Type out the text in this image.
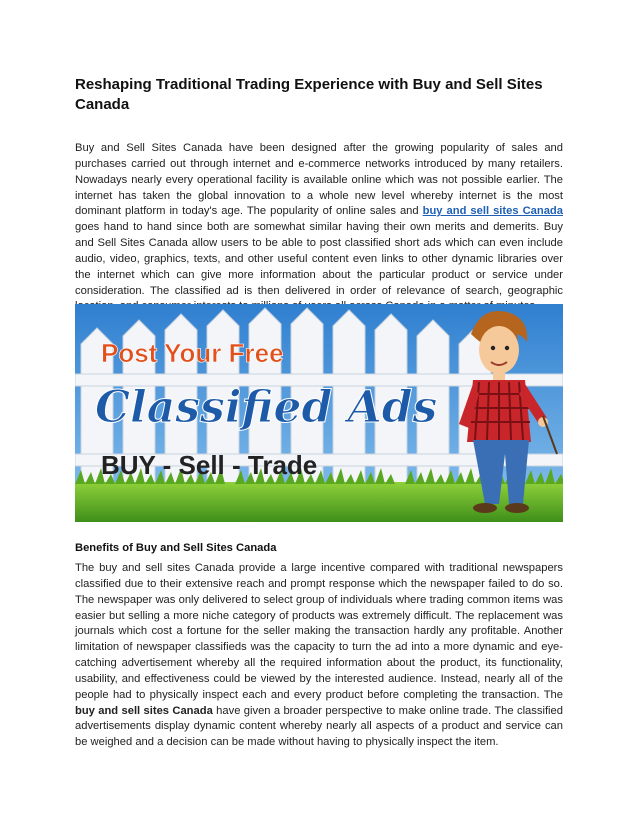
Reshaping Traditional Trading Experience with Buy and Sell Sites Canada

Buy and Sell Sites Canada have been designed after the growing popularity of sales and purchases carried out through internet and e-commerce networks introduced by many retailers. Nowadays nearly every operational facility is available online which was not possible earlier. The internet has taken the global innovation to a whole new level whereby internet is the most dominant platform in today's age. The popularity of online sales and buy and sell sites Canada goes hand to hand since both are somewhat similar having their own merits and demerits. Buy and Sell Sites Canada allow users to be able to post classified short ads which can even include audio, video, graphics, texts, and other useful content even links to other dynamic libraries over the internet which can give more information about the particular product or service under consideration. The classified ad is then delivered in order of relevance of search, geographic

Post Your Free
Classified Ads
BUY - Sell - Trade
Benefits of Buy and Sell Sites Canada

The buy and sell sites Canada provide a large incentive compared with traditional newspapers classified due to their extensive reach and prompt response which the newspaper failed to do so. The newspaper was only delivered to select group of individuals where trading common items was easier but selling a more niche category of products was extremely difficult. The replacement was journals which cost a fortune for the seller making the transaction hardly any profitable. Another limitation of newspaper classifieds was the capacity to turn the ad into a more dynamic and eye-catching advertisement whereby all the required information about the product, its functionality, usability, and effectiveness could be viewed by the interested audience. Instead, nearly all of the people had to physically inspect each and every product before completing the transaction. The buy and sell sites Canada have given a broader perspective to make online trade. The classified advertisements display dynamic content whereby nearly all aspects of a product and service can be weighed and a decision can be made without having to physically inspect the item.
